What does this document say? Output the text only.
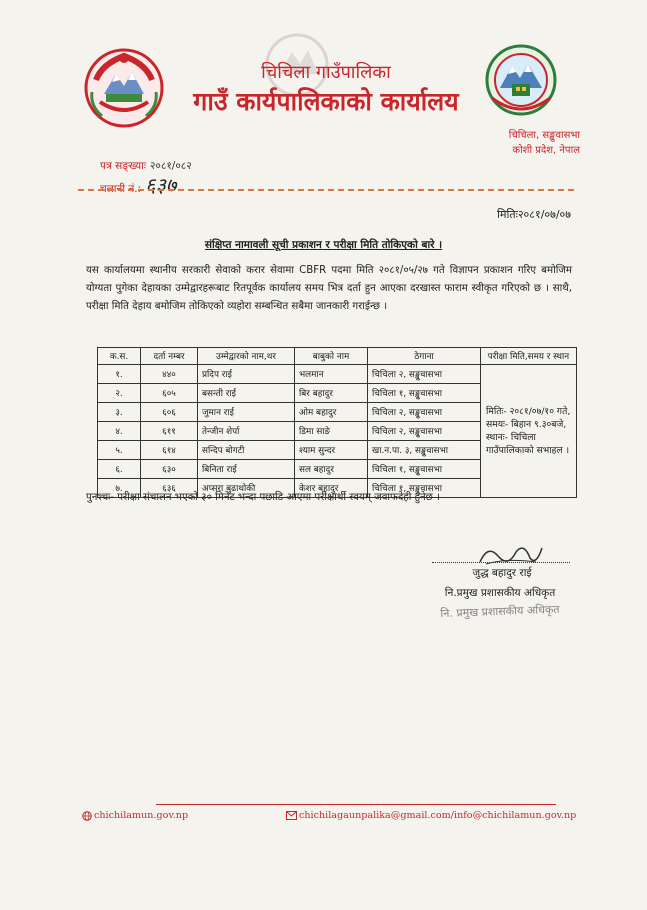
चिचिला गाउँपालिका
गाउँ कार्यपालिकाको कार्यालय
चिचिला, सङ्खुवासभा
कोशी प्रदेश, नेपाल
पत्र सङ्ख्याः २०८१/०८२
चलानी नं.: ६३७
मितिः२०८१/०७/०७
संक्षिप्त नामावली सूची प्रकाशन र परीक्षा मिति तोकिएको बारे ।
यस कार्यालयमा स्थानीय सरकारी सेवाको करार सेवामा CBFR पदमा मिति २०८१/०५/२७ गते विज्ञापन प्रकाशन गरिए बमोजिम योग्यता पुगेका देहायका उम्मेद्वारहरूबाट रितपूर्वक कार्यालय समय भित्र दर्ता हुन आएका दरखास्त फाराम स्वीकृत गरिएको छ । साथै, परीक्षा मिति देहाय बमोजिम तोकिएको व्यहोरा सम्बन्धित सबैमा जानकारी गराईन्छ ।
क.स.	दर्ता नम्बर	उम्मेद्वारको नाम,थर	बाबुको नाम	ठेगाना	परीक्षा मिति,समय र स्थान
१.	४४०	प्रदिप राई	भलमान	चिचिला २, सङ्खुवासभा	मितिः- २०८१/०७/१० गते, समयः- बिहान ९.३०बजे, स्थानः- चिचिला गाउँपालिकाको सभाहल ।
२.	६०५	बसन्ती राई	बिर बहादुर	चिचिला १, सङ्खुवासभा	
३.	६०६	जुमान राई	ओम बहादुर	चिचिला २, सङ्खुवासभा	
४.	६११	तेन्जीन शेर्पा	डिमा साङे	चिचिला २, सङ्खुवासभा	
५.	६१४	सन्दिप बोगटी	श्याम सुन्दर	खा.न.पा. ३, सङ्खुवासभा	
६.	६३०	बिनिता राई	सल बहादुर	चिचिला १, सङ्खुवासभा	
७.	६३६	अप्सरा बुढाथोकी	केशर बहादुर	चिचिला १, सङ्खुवासभा	
पुनश्चः- परीक्षा संचालन भएको ३० मिनेट भन्दा पछाडि आएमा परीक्षार्थी स्वयम् जवाफदेही हुनेछ ।
जुद्ध बहादुर राई
नि.प्रमुख प्रशासकीय अधिकृत
नि. प्रमुख प्रशासकीय अधिकृत
chichilamun.gov.np	chichilagaunpalika@gmail.com/info@chichilamun.gov.np
